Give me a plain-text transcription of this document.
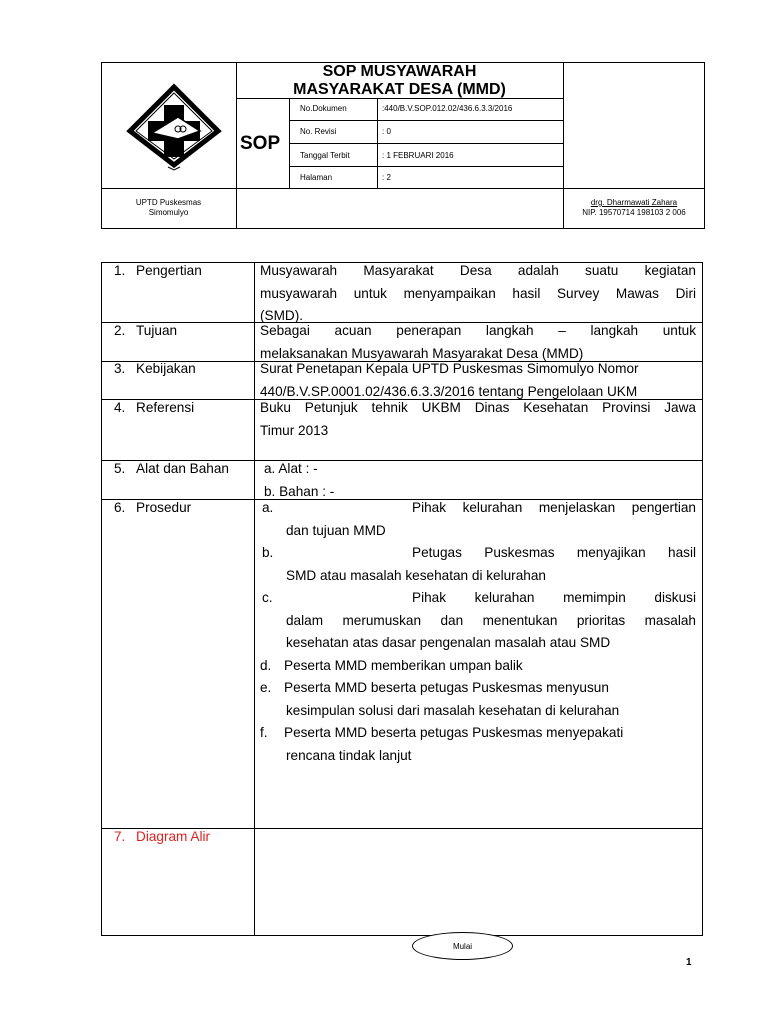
SOP MUSYAWARAH
MASYARAKAT DESA (MMD)
SOP
No.Dokumen	:440/B.V.SOP.012.02/436.6.3.3/2016
No. Revisi	: 0
Tanggal Terbit	: 1 FEBRUARI 2016
Halaman	: 2
UPTD Puskesmas
Simomulyo
drg. Dharmawati Zahara
NIP. 19570714 198103 2 006
1. Pengertian	Musyawarah Masyarakat Desa adalah suatu kegiatan
musyawarah untuk menyampaikan hasil Survey Mawas Diri
(SMD).
2. Tujuan	Sebagai acuan penerapan langkah – langkah untuk
melaksanakan Musyawarah Masyarakat Desa (MMD)
3. Kebijakan	Surat Penetapan Kepala UPTD Puskesmas Simomulyo Nomor
440/B.V.SP.0001.02/436.6.3.3/2016 tentang Pengelolaan UKM
4. Referensi	Buku Petunjuk tehnik UKBM Dinas Kesehatan Provinsi Jawa
Timur 2013
5. Alat dan Bahan	a. Alat : -
b. Bahan : -
6. Prosedur	a.	Pihak kelurahan menjelaskan pengertian
dan tujuan MMD
b.	Petugas Puskesmas menyajikan hasil
SMD atau masalah kesehatan di kelurahan
c.	Pihak kelurahan memimpin diskusi
dalam merumuskan dan menentukan prioritas masalah
kesehatan atas dasar pengenalan masalah atau SMD
d. Peserta MMD memberikan umpan balik
e. Peserta MMD beserta petugas Puskesmas menyusun
kesimpulan solusi dari masalah kesehatan di kelurahan
f.	Peserta MMD beserta petugas Puskesmas menyepakati
rencana tindak lanjut
7. Diagram Alir
Mulai
1
